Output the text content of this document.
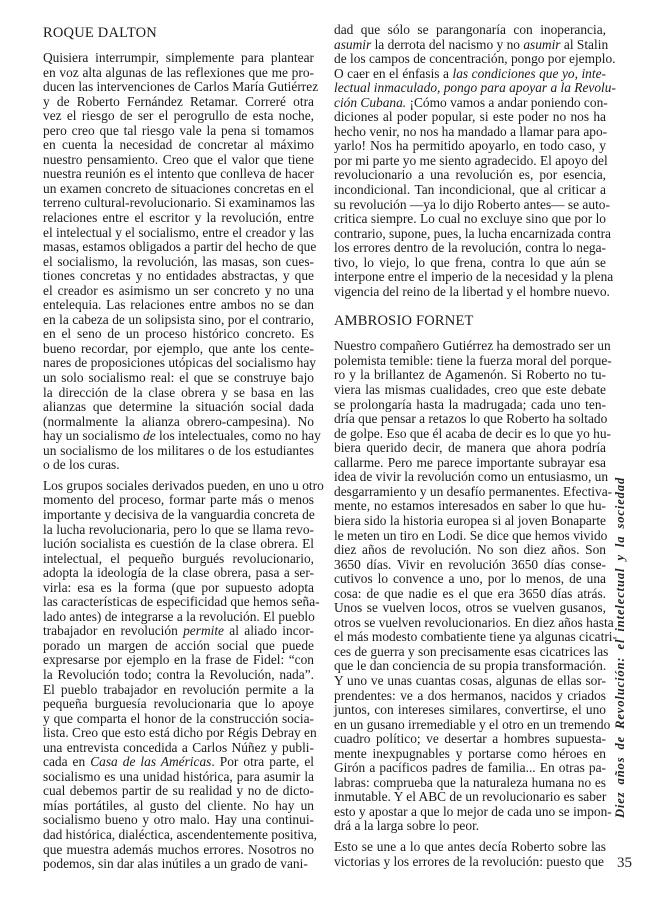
ROQUE DALTON

Quisiera interrumpir, simplemente para plantear
en voz alta algunas de las reflexiones que me pro-
ducen las intervenciones de Carlos María Gutiérrez
y de Roberto Fernández Retamar. Correré otra
vez el riesgo de ser el perogrullo de esta noche,
pero creo que tal riesgo vale la pena si tomamos
en cuenta la necesidad de concretar al máximo
nuestro pensamiento. Creo que el valor que tiene
nuestra reunión es el intento que conlleva de hacer
un examen concreto de situaciones concretas en el
terreno cultural-revolucionario. Si examinamos las
relaciones entre el escritor y la revolución, entre
el intelectual y el socialismo, entre el creador y las
masas, estamos obligados a partir del hecho de que
el socialismo, la revolución, las masas, son cues-
tiones concretas y no entidades abstractas, y que
el creador es asimismo un ser concreto y no una
entelequia. Las relaciones entre ambos no se dan
en la cabeza de un solipsista sino, por el contrario,
en el seno de un proceso histórico concreto. Es
bueno recordar, por ejemplo, que ante los cente-
nares de proposiciones utópicas del socialismo hay
un solo socialismo real: el que se construye bajo
la dirección de la clase obrera y se basa en las
alianzas que determine la situación social dada
(normalmente la alianza obrero-campesina). No
hay un socialismo de los intelectuales, como no hay
un socialismo de los militares o de los estudiantes
o de los curas.

Los grupos sociales derivados pueden, en uno u otro
momento del proceso, formar parte más o menos
importante y decisiva de la vanguardia concreta de
la lucha revolucionaria, pero lo que se llama revo-
lución socialista es cuestión de la clase obrera. El
intelectual, el pequeño burgués revolucionario,
adopta la ideología de la clase obrera, pasa a ser-
virla: esa es la forma (que por supuesto adopta
las características de especificidad que hemos seña-
lado antes) de integrarse a la revolución. El pueblo
trabajador en revolución permite al aliado incor-
porado un margen de acción social que puede
expresarse por ejemplo en la frase de Fidel: “con
la Revolución todo; contra la Revolución, nada”.
El pueblo trabajador en revolución permite a la
pequeña burguesía revolucionaria que lo apoye
y que comparta el honor de la construcción socia-
lista. Creo que esto está dicho por Régis Debray en
una entrevista concedida a Carlos Núñez y publi-
cada en Casa de las Américas. Por otra parte, el
socialismo es una unidad histórica, para asumir la
cual debemos partir de su realidad y no de dicto-
mías portátiles, al gusto del cliente. No hay un
socialismo bueno y otro malo. Hay una continui-
dad histórica, dialéctica, ascendentemente positiva,
que muestra además muchos errores. Nosotros no
podemos, sin dar alas inútiles a un grado de vani-

dad que sólo se parangonaría con inoperancia,
asumir la derrota del nacismo y no asumir al Stalin
de los campos de concentración, pongo por ejemplo.
O caer en el énfasis a las condiciones que yo, inte-
lectual inmaculado, pongo para apoyar a la Revolu-
ción Cubana. ¡Cómo vamos a andar poniendo con-
diciones al poder popular, si este poder no nos ha
hecho venir, no nos ha mandado a llamar para apo-
yarlo! Nos ha permitido apoyarlo, en todo caso, y
por mi parte yo me siento agradecido. El apoyo del
revolucionario a una revolución es, por esencia,
incondicional. Tan incondicional, que al criticar a
su revolución —ya lo dijo Roberto antes— se auto-
critica siempre. Lo cual no excluye sino que por lo
contrario, supone, pues, la lucha encarnizada contra
los errores dentro de la revolución, contra lo nega-
tivo, lo viejo, lo que frena, contra lo que aún se
interpone entre el imperio de la necesidad y la plena
vigencia del reino de la libertad y el hombre nuevo.

AMBROSIO FORNET

Nuestro compañero Gutiérrez ha demostrado ser un
polemista temible: tiene la fuerza moral del porque-
ro y la brillantez de Agamenón. Si Roberto no tu-
viera las mismas cualidades, creo que este debate
se prolongaría hasta la madrugada; cada uno ten-
dría que pensar a retazos lo que Roberto ha soltado
de golpe. Eso que él acaba de decir es lo que yo hu-
biera querido decir, de manera que ahora podría
callarme. Pero me parece importante subrayar esa
idea de vivir la revolución como un entusiasmo, un
desgarramiento y un desafío permanentes. Efectiva-
mente, no estamos interesados en saber lo que hu-
biera sido la historia europea si al joven Bonaparte
le meten un tiro en Lodi. Se dice que hemos vivido
diez años de revolución. No son diez años. Son
3650 días. Vivir en revolución 3650 días conse-
cutivos lo convence a uno, por lo menos, de una
cosa: de que nadie es el que era 3650 días atrás.
Unos se vuelven locos, otros se vuelven gusanos,
otros se vuelven revolucionarios. En diez años hasta
el más modesto combatiente tiene ya algunas cicatri-
ces de guerra y son precisamente esas cicatrices las
que le dan conciencia de su propia transformación.
Y uno ve unas cuantas cosas, algunas de ellas sor-
prendentes: ve a dos hermanos, nacidos y criados
juntos, con intereses similares, convertirse, el uno
en un gusano irremediable y el otro en un tremendo
cuadro político; ve desertar a hombres supuesta-
mente inexpugnables y portarse como héroes en
Girón a pacíficos padres de familia... En otras pa-
labras: comprueba que la naturaleza humana no es
inmutable. Y el ABC de un revolucionario es saber
esto y apostar a que lo mejor de cada uno se impon-
drá a la larga sobre lo peor.

Esto se une a lo que antes decía Roberto sobre las
victorias y los errores de la revolución: puesto que

Diez años de Revolución: el intelectual y la sociedad
35
